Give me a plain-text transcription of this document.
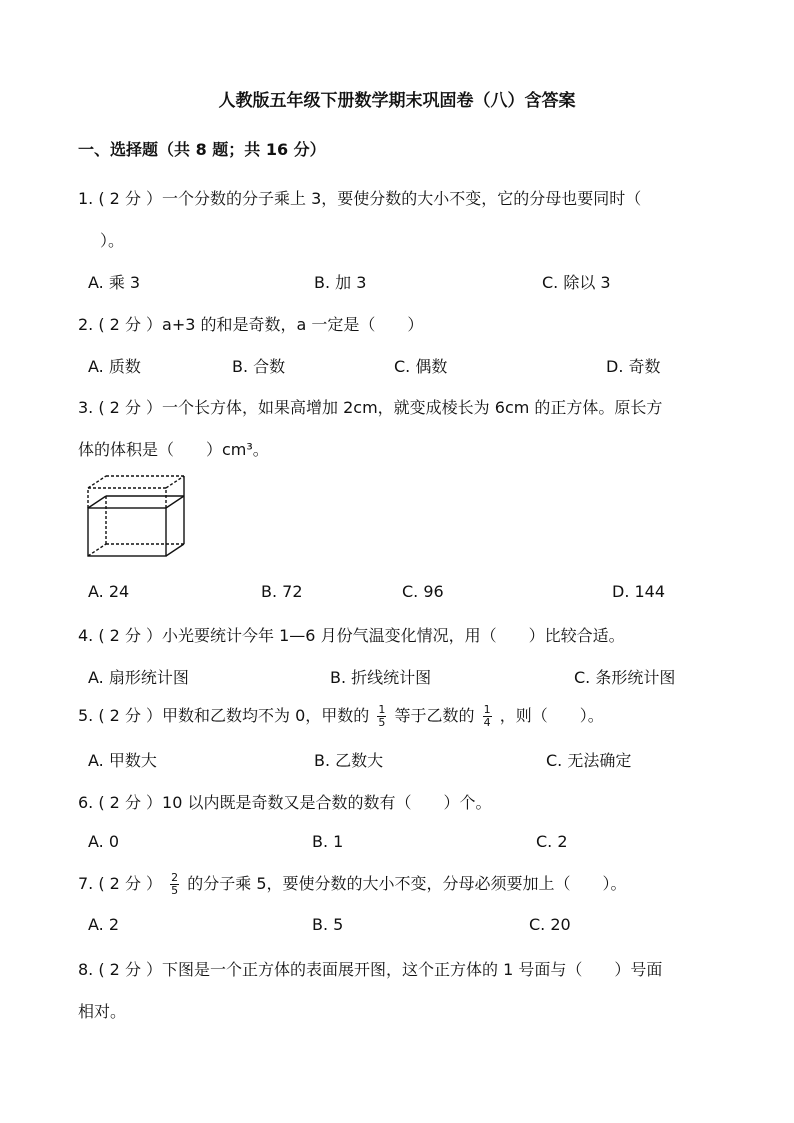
人教版五年级下册数学期末巩固卷（八）含答案
一、选择题（共 8 题；共 16 分）
1. ( 2 分 ）一个分数的分子乘上 3，要使分数的大小不变，它的分母也要同时（
）。
A. 乘 3	B. 加 3	C. 除以 3
2. ( 2 分 ）a+3 的和是奇数，a 一定是（　　）
A. 质数	B. 合数	C. 偶数	D. 奇数
3. ( 2 分 ）一个长方体，如果高增加 2cm，就变成棱长为 6cm 的正方体。原长方
体的体积是（　　）cm³。
A. 24	B. 72	C. 96	D. 144
4. ( 2 分 ）小光要统计今年 1—6 月份气温变化情况，用（　　）比较合适。
A. 扇形统计图	B. 折线统计图	C. 条形统计图
5. ( 2 分 ）甲数和乙数均不为 0，甲数的 $\frac{1}{5}$ 等于乙数的 $\frac{1}{4}$ ，则（　　）。
A. 甲数大	B. 乙数大	C. 无法确定
6. ( 2 分 ）10 以内既是奇数又是合数的数有（　　）个。
A. 0	B. 1	C. 2
7. ( 2 分 ） $\frac{2}{5}$ 的分子乘 5，要使分数的大小不变，分母必须要加上（　　）。
A. 2	B. 5	C. 20
8. ( 2 分 ）下图是一个正方体的表面展开图，这个正方体的 1 号面与（　　）号面
相对。
